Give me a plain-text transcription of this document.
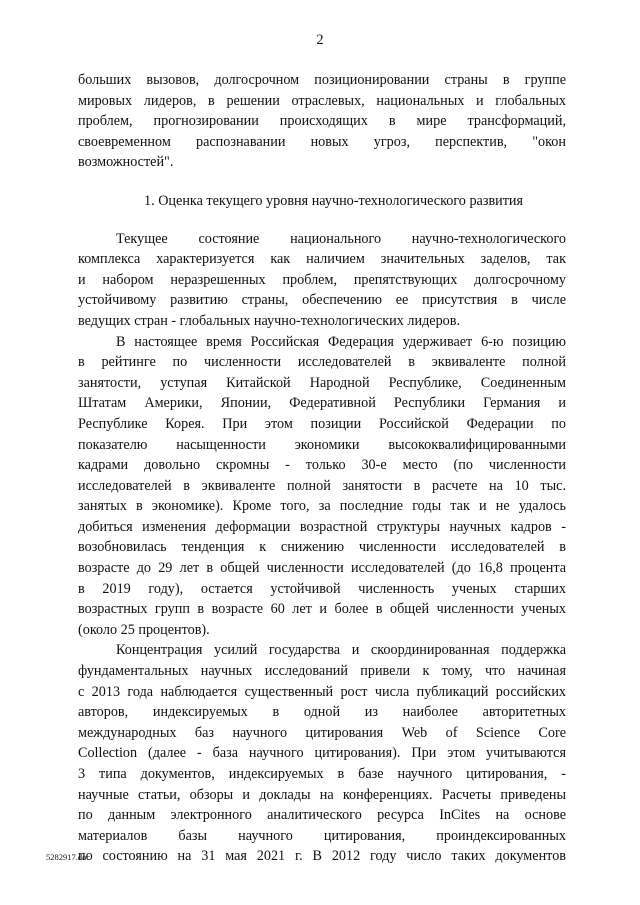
2
больших вызовов, долгосрочном позиционировании страны в группе
мировых лидеров, в решении отраслевых, национальных и глобальных
проблем, прогнозировании происходящих в мире трансформаций,
своевременном распознавании новых угроз, перспектив, "окон
возможностей".
1. Оценка текущего уровня научно-технологического развития
Текущее состояние национального научно-технологического
комплекса характеризуется как наличием значительных заделов, так
и набором неразрешенных проблем, препятствующих долгосрочному
устойчивому развитию страны, обеспечению ее присутствия в числе
ведущих стран - глобальных научно-технологических лидеров.
В настоящее время Российская Федерация удерживает 6-ю позицию
в рейтинге по численности исследователей в эквиваленте полной
занятости, уступая Китайской Народной Республике, Соединенным
Штатам Америки, Японии, Федеративной Республики Германия и
Республике Корея. При этом позиции Российской Федерации по
показателю насыщенности экономики высококвалифицированными
кадрами довольно скромны - только 30-е место (по численности
исследователей в эквиваленте полной занятости в расчете на 10 тыс.
занятых в экономике). Кроме того, за последние годы так и не удалось
добиться изменения деформации возрастной структуры научных кадров -
возобновилась тенденция к снижению численности исследователей в
возрасте до 29 лет в общей численности исследователей (до 16,8 процента
в 2019 году), остается устойчивой численность ученых старших
возрастных групп в возрасте 60 лет и более в общей численности ученых
(около 25 процентов).
Концентрация усилий государства и скоординированная поддержка
фундаментальных научных исследований привели к тому, что начиная
с 2013 года наблюдается существенный рост числа публикаций российских
авторов, индексируемых в одной из наиболее авторитетных
международных баз научного цитирования Web of Science Core
Collection (далее - база научного цитирования). При этом учитываются
3 типа документов, индексируемых в базе научного цитирования, -
научные статьи, обзоры и доклады на конференциях. Расчеты приведены
по данным электронного аналитического ресурса InCites на основе
материалов базы научного цитирования, проиндексированных
по состоянию на 31 мая 2021 г. В 2012 году число таких документов
5282917.doc
